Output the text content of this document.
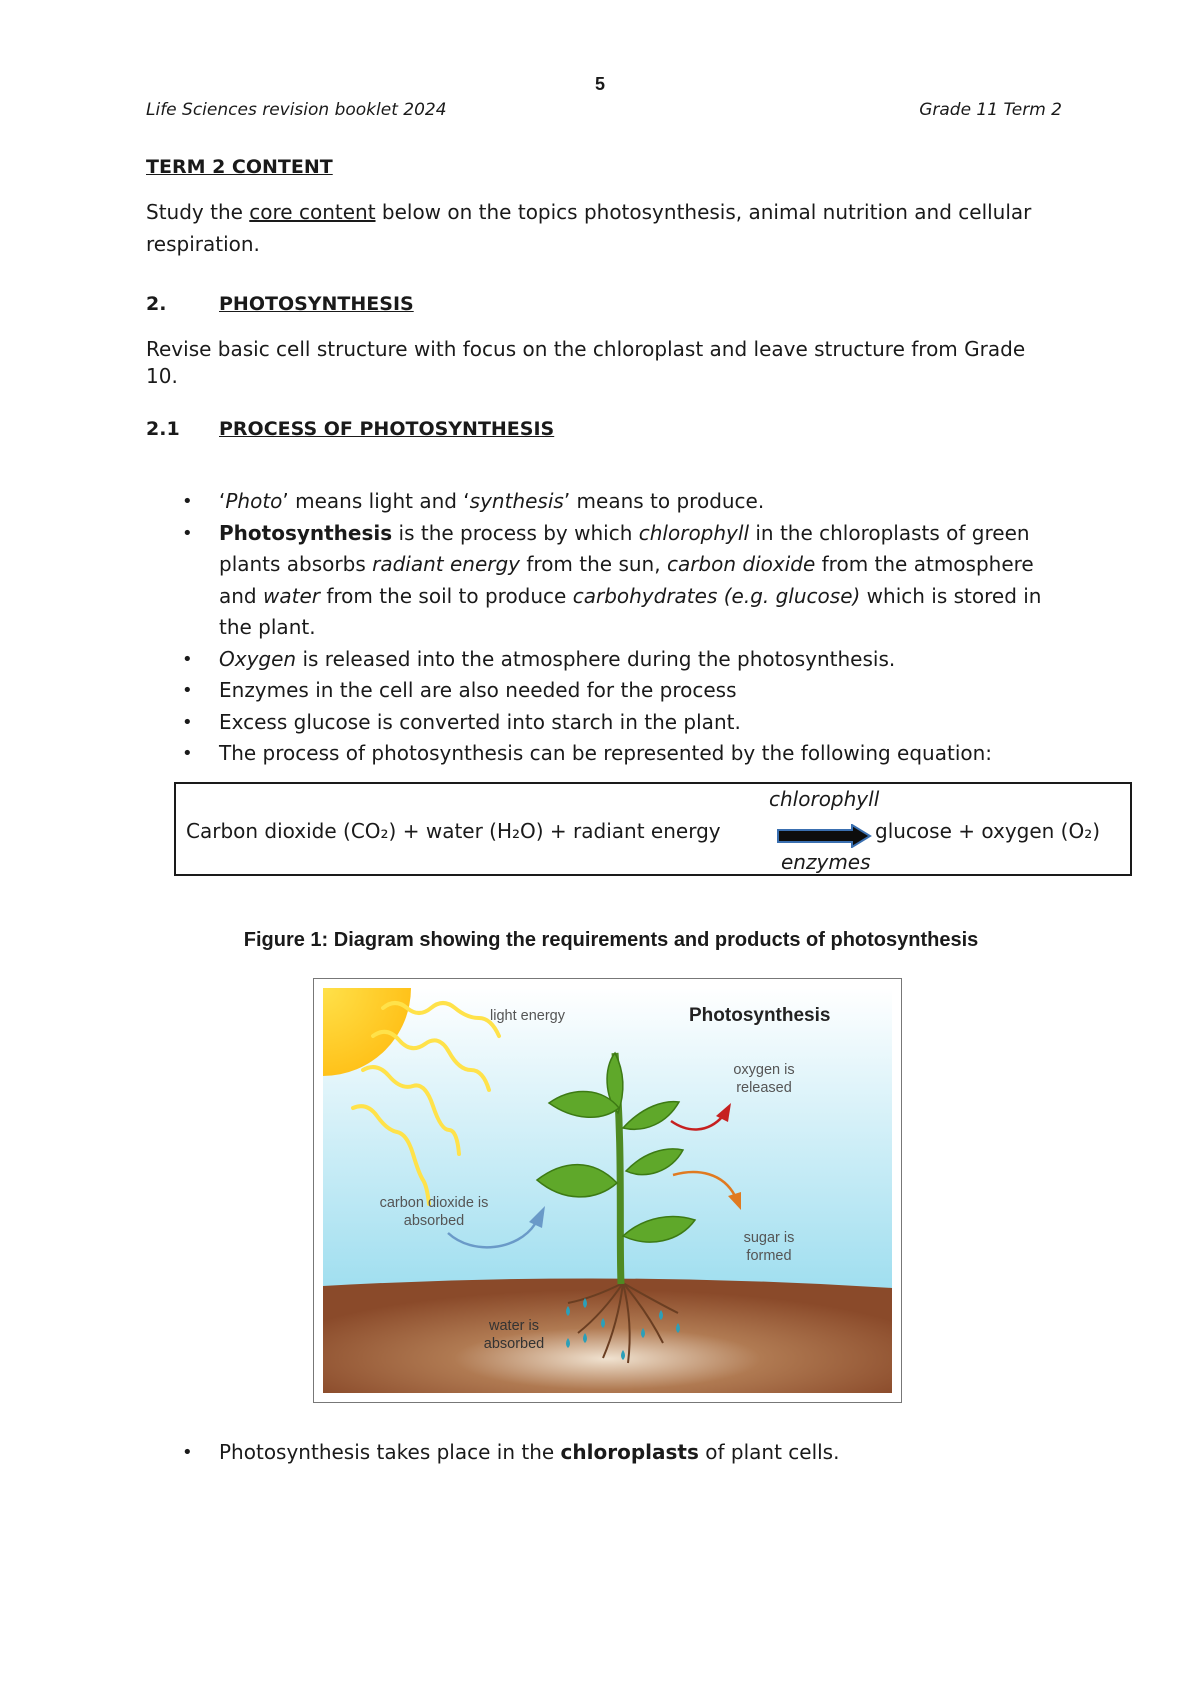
5
Life Sciences revision booklet 2024	Grade 11 Term 2
TERM 2 CONTENT
Study the core content below on the topics photosynthesis, animal nutrition and cellular respiration.
2.	PHOTOSYNTHESIS
Revise basic cell structure with focus on the chloroplast and leave structure from Grade 10.
2.1 PROCESS OF PHOTOSYNTHESIS
• ‘Photo’ means light and ‘synthesis’ means to produce.
• Photosynthesis is the process by which chlorophyll in the chloroplasts of green plants absorbs radiant energy from the sun, carbon dioxide from the atmosphere and water from the soil to produce carbohydrates (e.g. glucose) which is stored in the plant.
• Oxygen is released into the atmosphere during the photosynthesis.
• Enzymes in the cell are also needed for the process
• Excess glucose is converted into starch in the plant.
• The process of photosynthesis can be represented by the following equation:
chlorophyll
Carbon dioxide (CO₂) + water (H₂O) + radiant energy	glucose + oxygen (O₂)
enzymes
Figure 1: Diagram showing the requirements and products of photosynthesis
Photosynthesis
light energy
oxygen is
released
carbon dioxide is
absorbed
sugar is
formed
water is
absorbed
• Photosynthesis takes place in the chloroplasts of plant cells.
